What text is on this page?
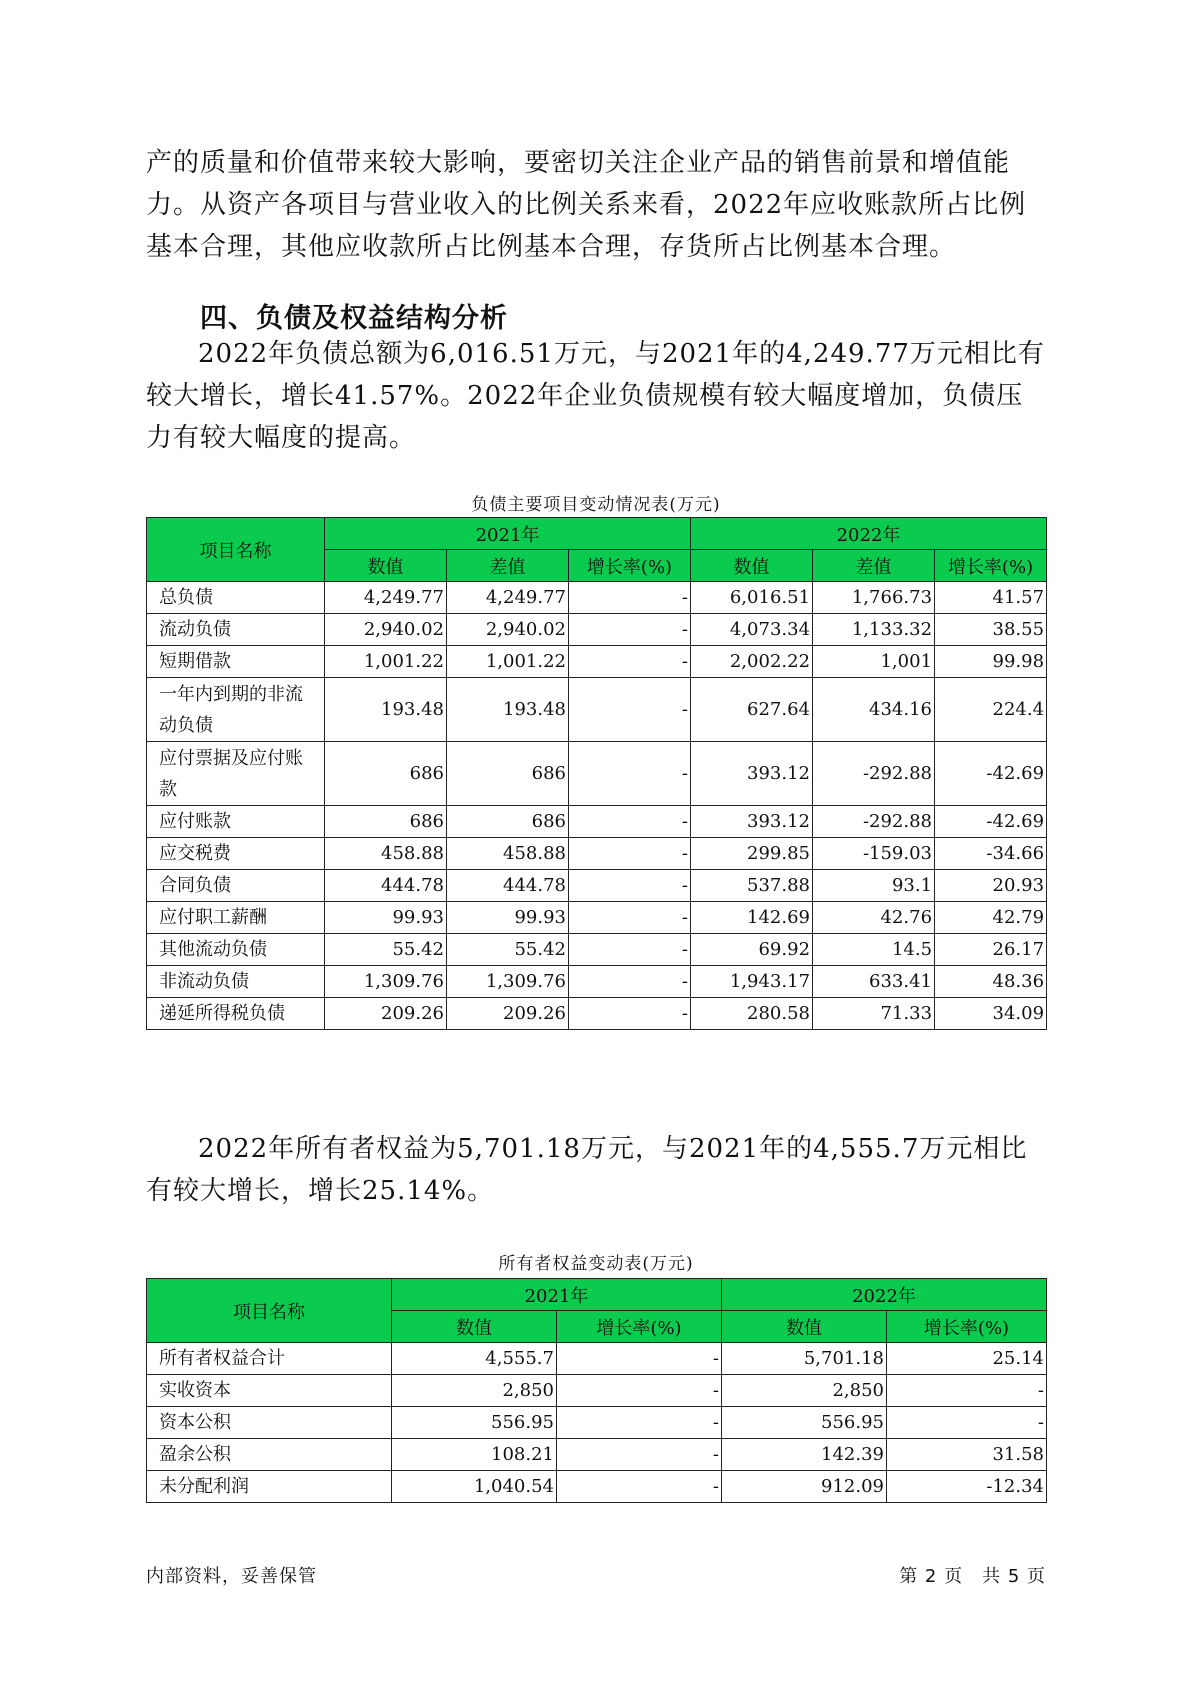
产的质量和价值带来较大影响，要密切关注企业产品的销售前景和增值能力。从资产各项目与营业收入的比例关系来看，2022年应收账款所占比例基本合理，其他应收款所占比例基本合理，存货所占比例基本合理。

四、负债及权益结构分析

2022年负债总额为6,016.51万元，与2021年的4,249.77万元相比有较大增长，增长41.57%。2022年企业负债规模有较大幅度增加，负债压力有较大幅度的提高。

负债主要项目变动情况表(万元)
项目名称	2021年			2022年		
	数值	差值	增长率(%)	数值	差值	增长率(%)
总负债	4,249.77	4,249.77	-	6,016.51	1,766.73	41.57
流动负债	2,940.02	2,940.02	-	4,073.34	1,133.32	38.55
短期借款	1,001.22	1,001.22	-	2,002.22	1,001	99.98
一年内到期的非流动负债	193.48	193.48	-	627.64	434.16	224.4
应付票据及应付账款	686	686	-	393.12	-292.88	-42.69
应付账款	686	686	-	393.12	-292.88	-42.69
应交税费	458.88	458.88	-	299.85	-159.03	-34.66
合同负债	444.78	444.78	-	537.88	93.1	20.93
应付职工薪酬	99.93	99.93	-	142.69	42.76	42.79
其他流动负债	55.42	55.42	-	69.92	14.5	26.17
非流动负债	1,309.76	1,309.76	-	1,943.17	633.41	48.36
递延所得税负债	209.26	209.26	-	280.58	71.33	34.09

2022年所有者权益为5,701.18万元，与2021年的4,555.7万元相比有较大增长，增长25.14%。

所有者权益变动表(万元)
项目名称	2021年		2022年	
	数值	增长率(%)	数值	增长率(%)
所有者权益合计	4,555.7	-	5,701.18	25.14
实收资本	2,850	-	2,850	-
资本公积	556.95	-	556.95	-
盈余公积	108.21	-	142.39	31.58
未分配利润	1,040.54	-	912.09	-12.34
内部资料，妥善保管	第 2 页　共 5 页
